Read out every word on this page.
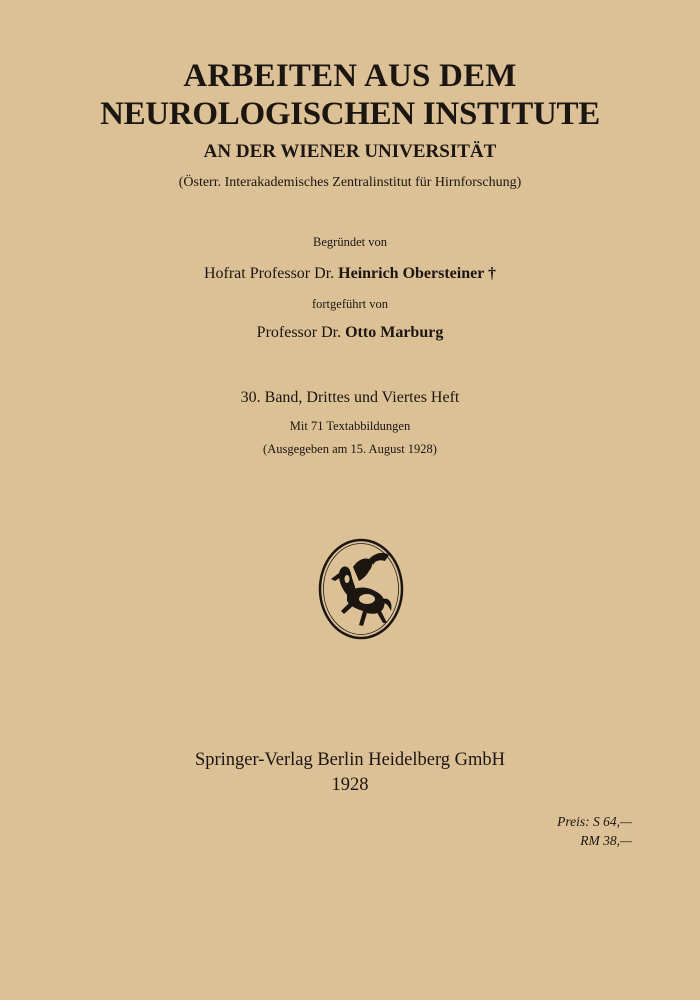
ARBEITEN AUS DEM
NEUROLOGISCHEN INSTITUTE
AN DER WIENER UNIVERSITÄT
(Österr. Interakademisches Zentralinstitut für Hirnforschung)
Begründet von
Hofrat Professor Dr. Heinrich Obersteiner †
fortgeführt von
Professor Dr. Otto Marburg
30. Band, Drittes und Viertes Heft
Mit 71 Textabbildungen
(Ausgegeben am 15. August 1928)
Springer-Verlag Berlin Heidelberg GmbH
1928
Preis: S 64,—
RM 38,—
